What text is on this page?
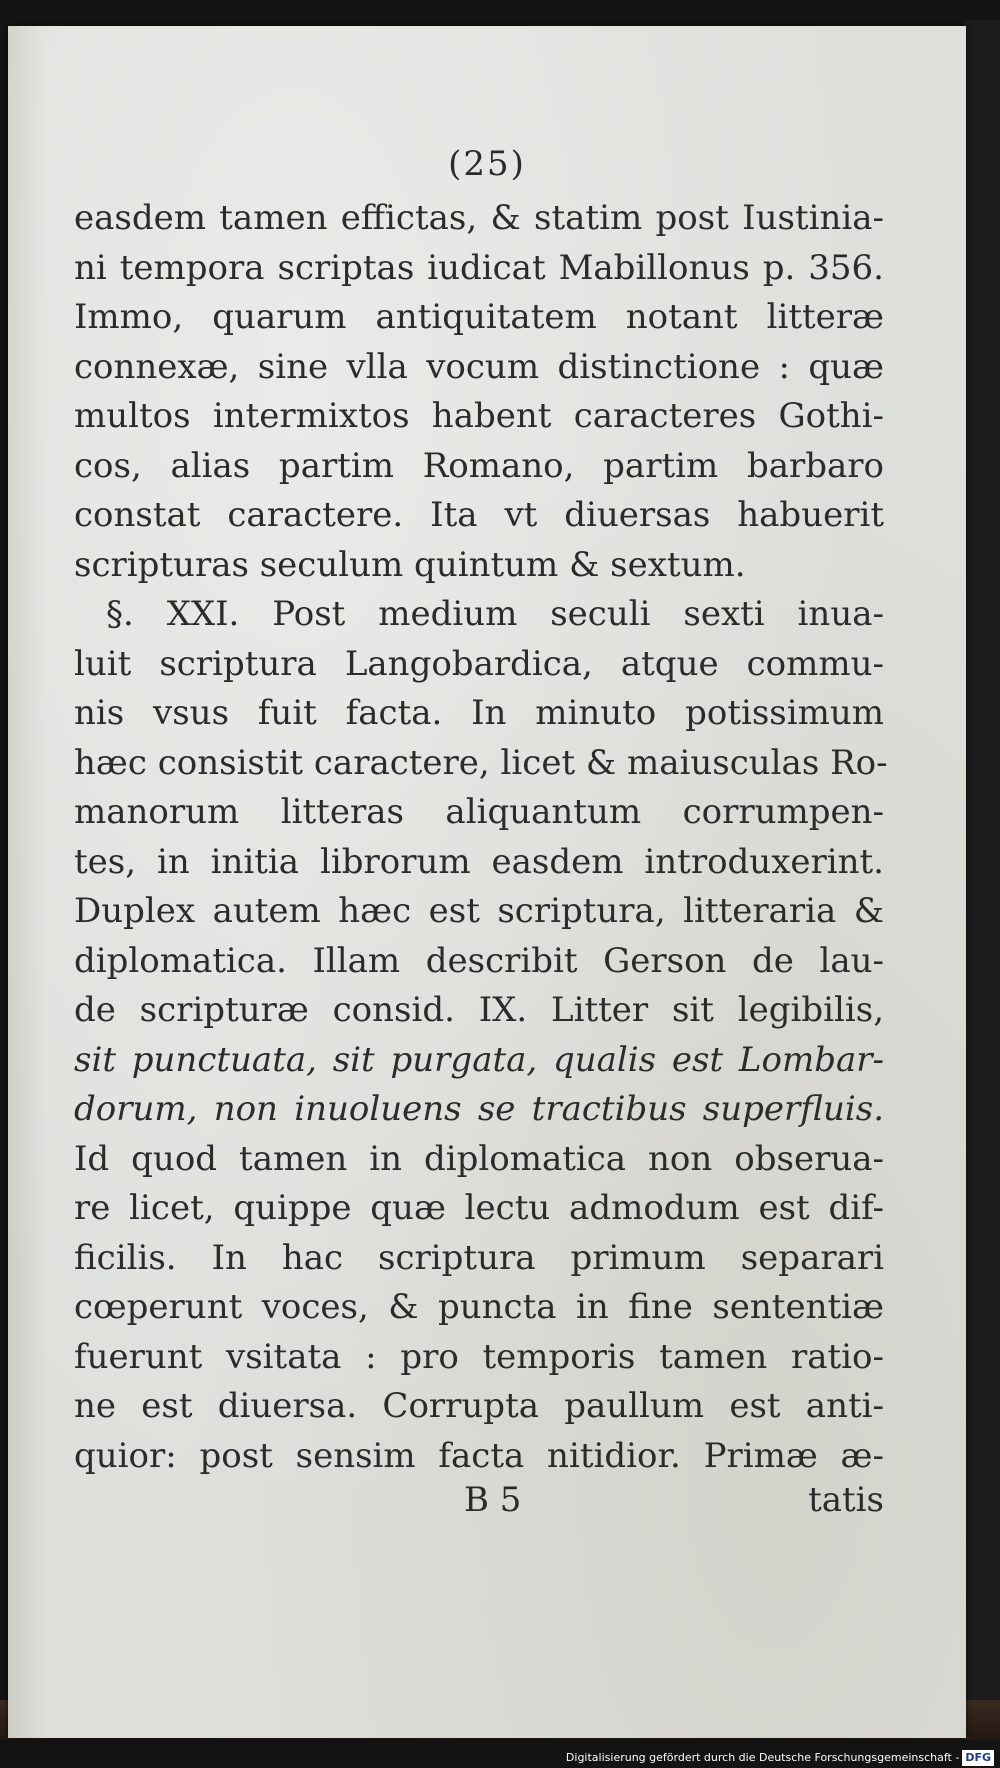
(25)
easdem tamen effictas, & statim post Iustinia-
ni tempora scriptas iudicat Mabillonus p. 356.
Immo, quarum antiquitatem notant litteræ
connexæ, sine vlla vocum distinctione : quæ
multos intermixtos habent caracteres Gothi-
cos, alias partim Romano, partim barbaro
constat caractere. Ita vt diuersas habuerit
scripturas seculum quintum & sextum.
§. XXI. Post medium seculi sexti inua-
luit scriptura Langobardica, atque commu-
nis vsus fuit facta. In minuto potissimum
hæc consistit caractere, licet & maiusculas Ro-
manorum litteras aliquantum corrumpen-
tes, in initia librorum easdem introduxerint.
Duplex autem hæc est scriptura, litteraria &
diplomatica. Illam describit Gerson de lau-
de scripturæ consid. IX. Litter sit legibilis,
sit punctuata, sit purgata, qualis est Lombar-
dorum, non inuoluens se tractibus superfluis.
Id quod tamen in diplomatica non obseruа-
re licet, quippe quæ lectu admodum est dif-
ficilis. In hac scriptura primum separari
cœperunt voces, & puncta in fine sententiæ
fuerunt vsitata : pro temporis tamen ratio-
ne est diuersa. Corrupta paullum est anti-
quior: post sensim facta nitidior. Primæ æ-
B 5	tatis
Digitalisierung gefördert durch die Deutsche Forschungsgemeinschaft - DFG
